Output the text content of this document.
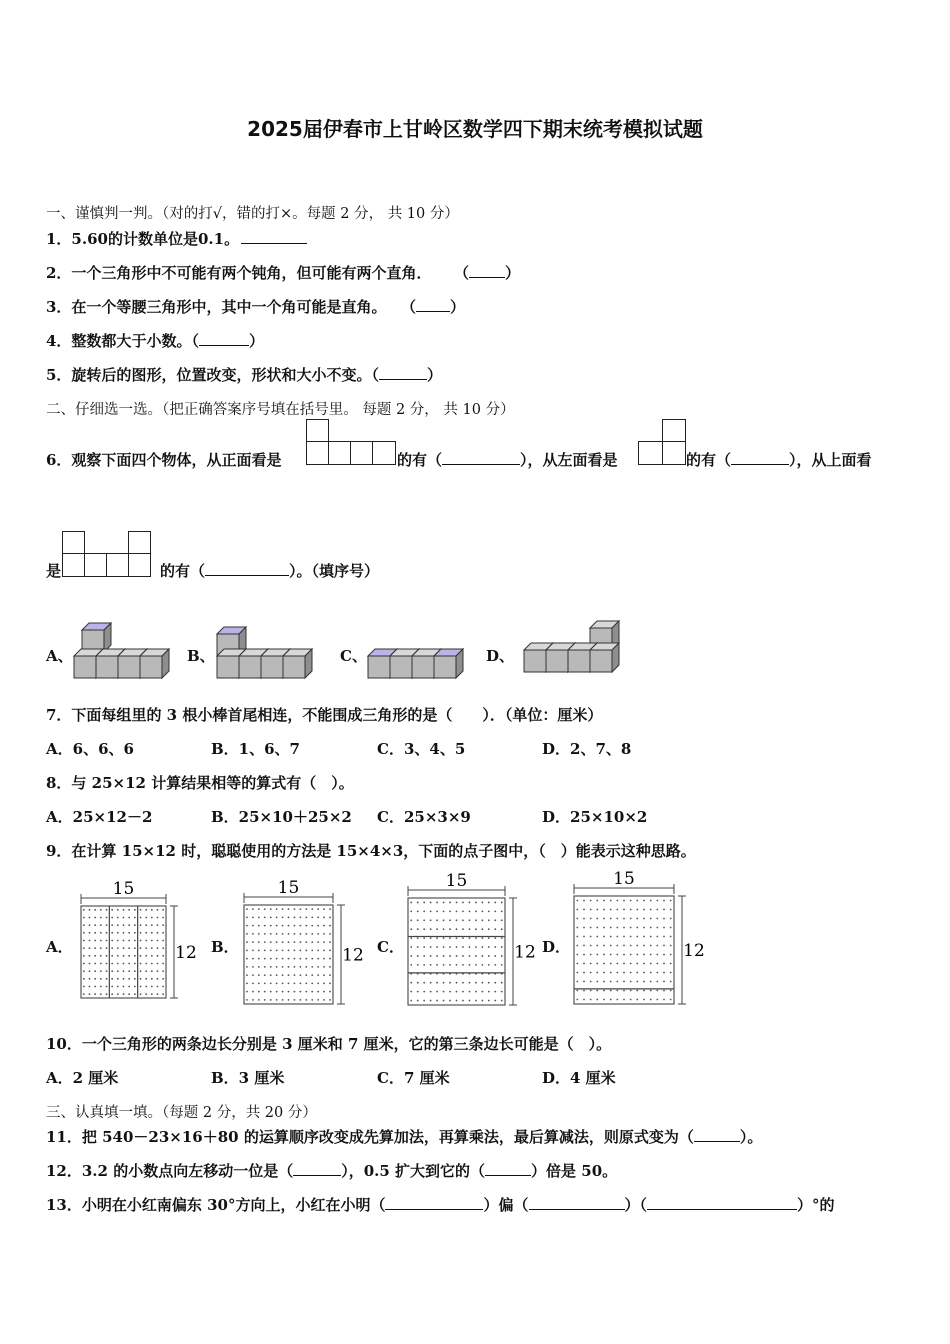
2025届伊春市上甘岭区数学四下期末统考模拟试题
一、谨慎判一判。（对的打√，错的打×。每题 2 分， 共 10 分）
1．5.60的计数单位是0.1。
2．一个三角形中不可能有两个钝角，但可能有两个直角． （ ）
3．在一个等腰三角形中，其中一个角可能是直角。 （ ）
4．整数都大于小数。（	）
5．旋转后的图形，位置改变，形状和大小不变。（	）
二、仔细选一选。（把正确答案序号填在括号里。 每题 2 分， 共 10 分）
6．观察下面四个物体，从正面看是	的有（	），从左面看是	的有（	），从上面看
是	的有（	）。（填序号）
A、	B、	C、	D、
7．下面每组里的 3 根小棒首尾相连，不能围成三角形的是（　　）．（单位：厘米）
A．6、6、6	B．1、6、7	C．3、4、5	D．2、7、8
8．与 25×12 计算结果相等的算式有（　）。
A．25×12－2	B．25×10＋25×2 C．25×3×9	D．25×10×2
9．在计算 15×12 时，聪聪使用的方法是 15×4×3，下面的点子图中，（　）能表示这种思路。
A．	B．	C．	D．
15
12
15
12
15
12
15
12
10．一个三角形的两条边长分别是 3 厘米和 7 厘米，它的第三条边长可能是（　）。
A．2 厘米	B．3 厘米	C．7 厘米	D．4 厘米
三、认真填一填。（每题 2 分，共 20 分）
11．把 540－23×16＋80 的运算顺序改变成先算加法，再算乘法，最后算减法，则原式变为（	）。
12．3.2 的小数点向左移动一位是（	），0.5 扩大到它的（	）倍是 50。
13．小明在小红南偏东 30°方向上，小红在小明（	）偏（	）（	）°的
